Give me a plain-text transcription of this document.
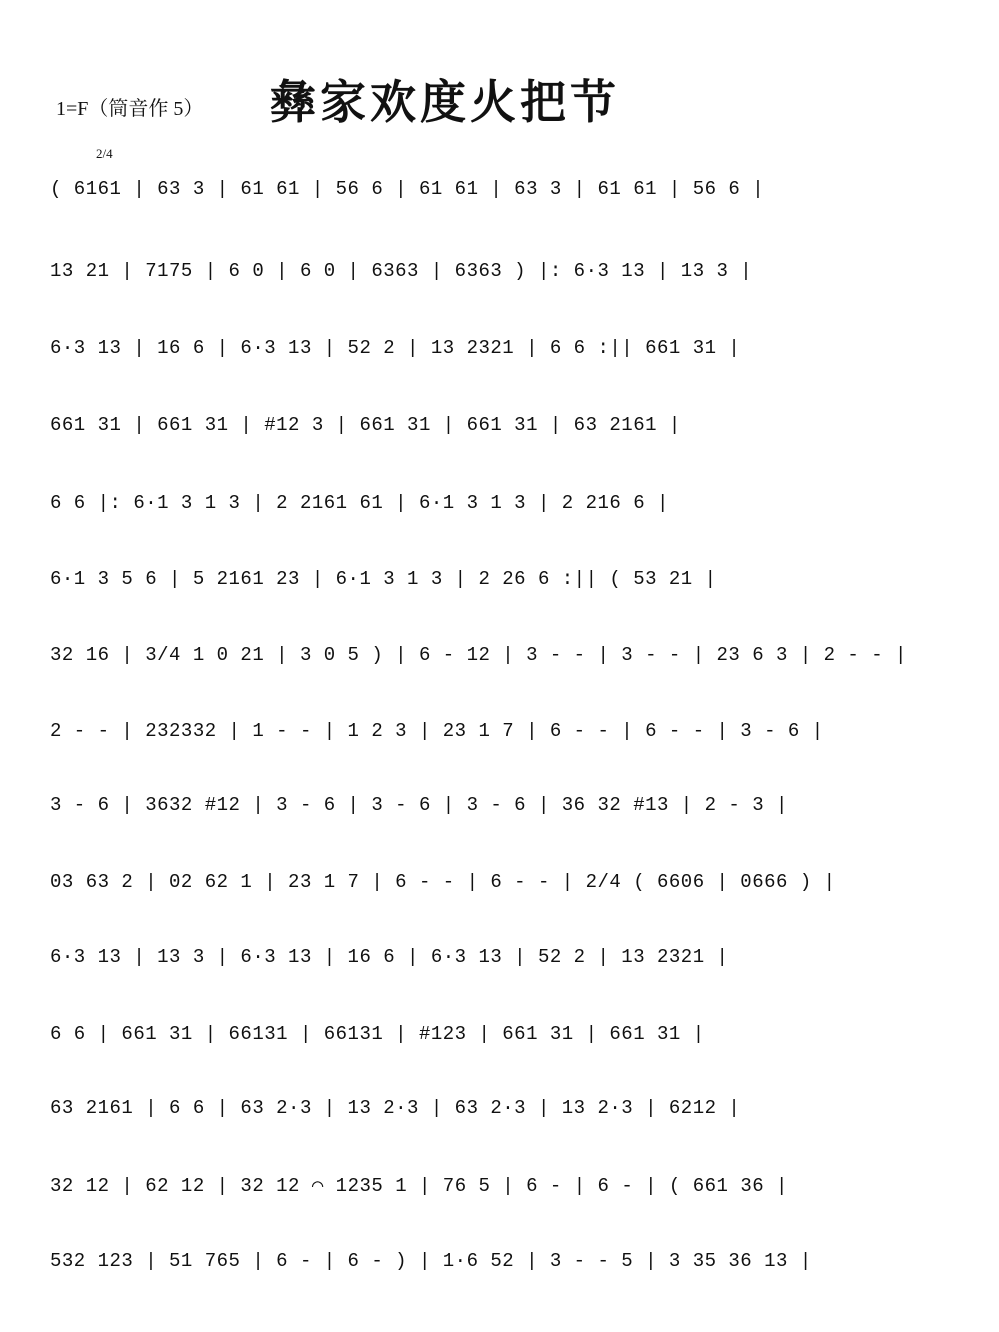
1=F（筒音作 5） 彝家欢度火把节
2/4
( 6161 | 63 3 | 61 61 | 56 6 | 61 61 | 63 3 | 61 61 | 56 6 |
13 21 | 7175 | 6 0 | 6 0 | 6363 | 6363 ) |: 6·3 13 | 13 3 |
6·3 13 | 16 6 | 6·3 13 | 52 2 | 13 2321 | 6 6 :|| 661 31 |
661 31 | 661 31 | #12 3 | 661 31 | 661 31 | 63 2161 |
6 6 |: 6·1 3 1 3 | 2 2161 61 | 6·1 3 1 3 | 2 216 6 |
6·1 3 5 6 | 5 2161 23 | 6·1 3 1 3 | 2 26 6 :|| ( 53 21 |
32 16 | 3/4 1 0 21 | 3 0 5 ) | 6 - 12 | 3 - - | 3 - - | 23 6 3 | 2 - - |
2 - - | 232332 | 1 - - | 1 2 3 | 23 1 7 | 6 - - | 6 - - | 3 - 6 |
3 - 6 | 3632 #12 | 3 - 6 | 3 - 6 | 3 - 6 | 36 32 #13 | 2 - 3 |
03 63 2 | 02 62 1 | 23 1 7 | 6 - - | 6 - - | 2/4 ( 6606 | 0666 ) |
6·3 13 | 13 3 | 6·3 13 | 16 6 | 6·3 13 | 52 2 | 13 2321 |
6 6 | 661 31 | 66131 | 66131 | #123 | 661 31 | 661 31 |
63 2161 | 6 6 | 63 2·3 | 13 2·3 | 63 2·3 | 13 2·3 | 6212 |
32 12 | 62 12 | 32 12 ⌒ 1235 1 | 76 5 | 6 - | 6 - | ( 661 36 |
532 123 | 51 765 | 6 - | 6 - ) | 1·6 52 | 3 - - 5 | 3 35 36 13 |
